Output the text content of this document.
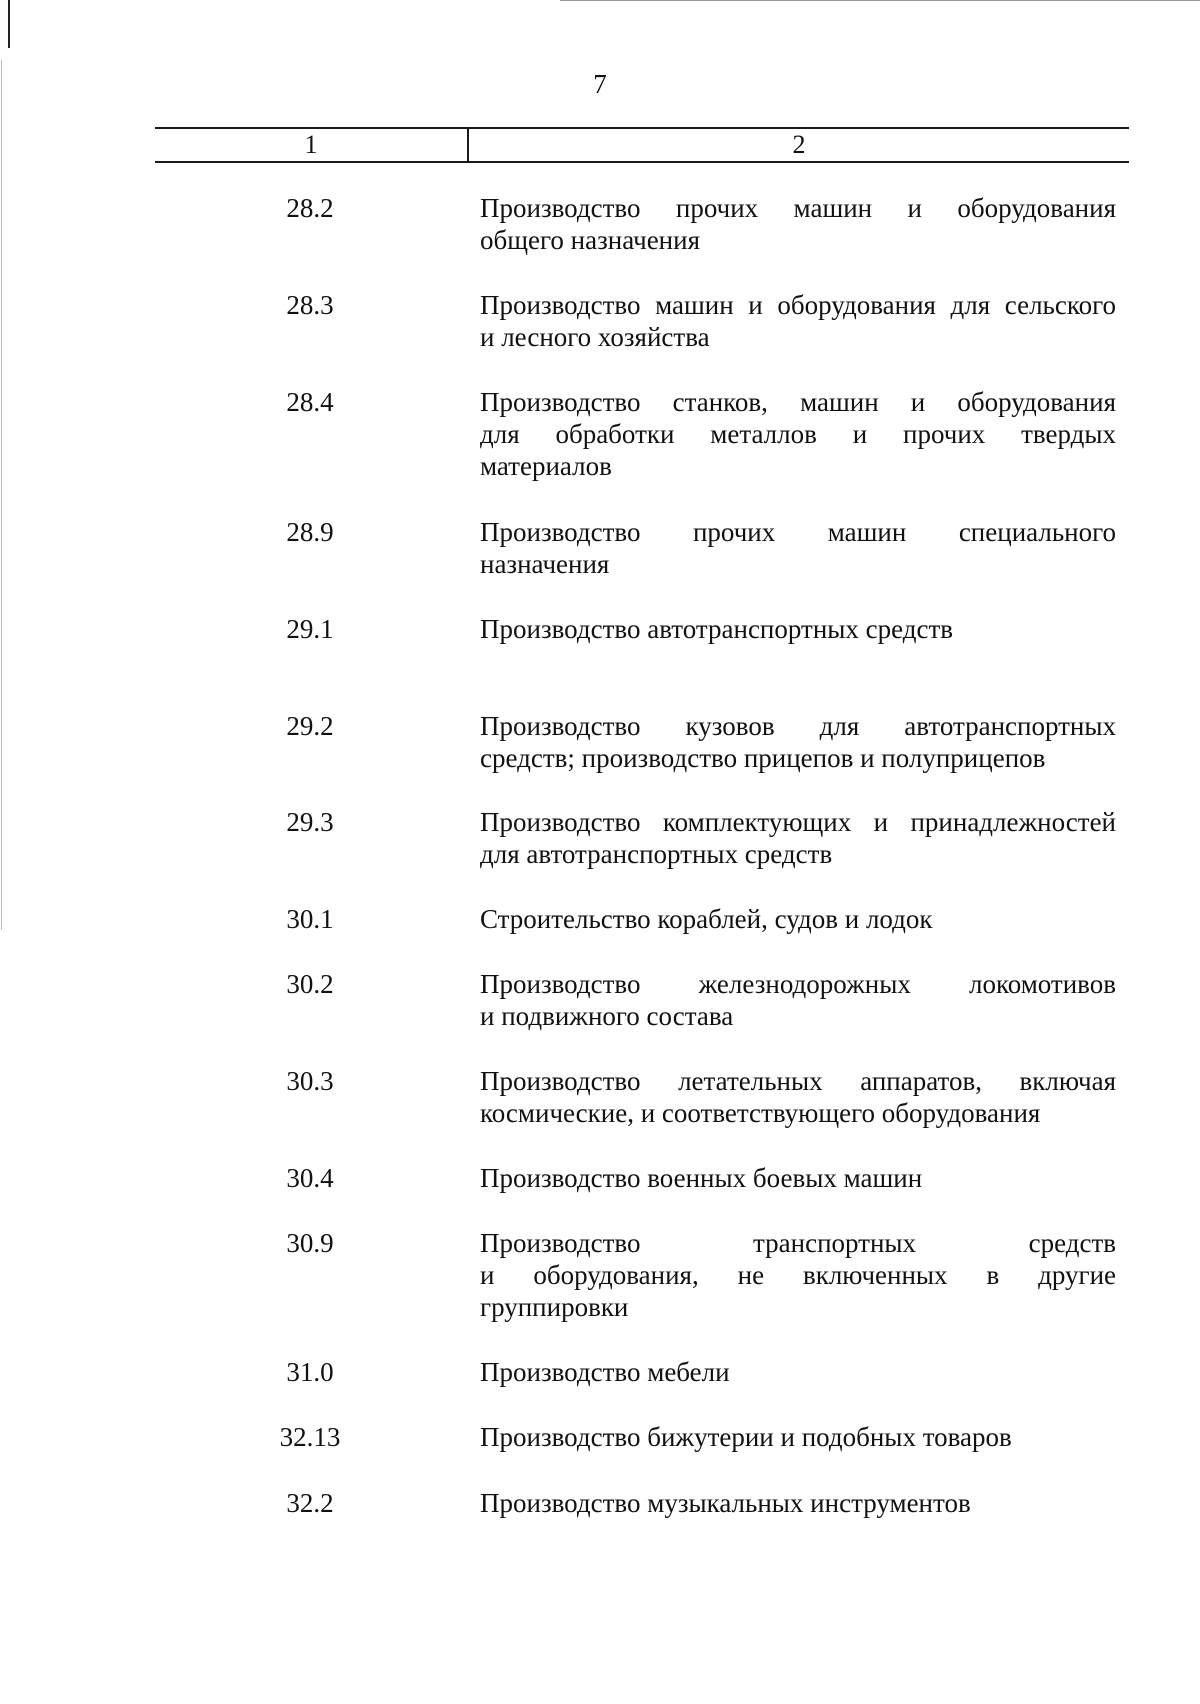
7
1	2
28.2	Производство прочих машин и оборудования
общего назначения
28.3	Производство машин и оборудования для сельского
и лесного хозяйства
28.4	Производство станков, машин и оборудования
для обработки металлов и прочих твердых
материалов
28.9	Производство прочих машин специального
назначения
29.1	Производство автотранспортных средств
29.2	Производство кузовов для автотранспортных
средств; производство прицепов и полуприцепов
29.3	Производство комплектующих и принадлежностей
для автотранспортных средств
30.1	Строительство кораблей, судов и лодок
30.2	Производство железнодорожных локомотивов
и подвижного состава
30.3	Производство летательных аппаратов, включая
космические, и соответствующего оборудования
30.4	Производство военных боевых машин
30.9	Производство транспортных средств
и оборудования, не включенных в другие
группировки
31.0	Производство мебели
32.13	Производство бижутерии и подобных товаров
32.2	Производство музыкальных инструментов
